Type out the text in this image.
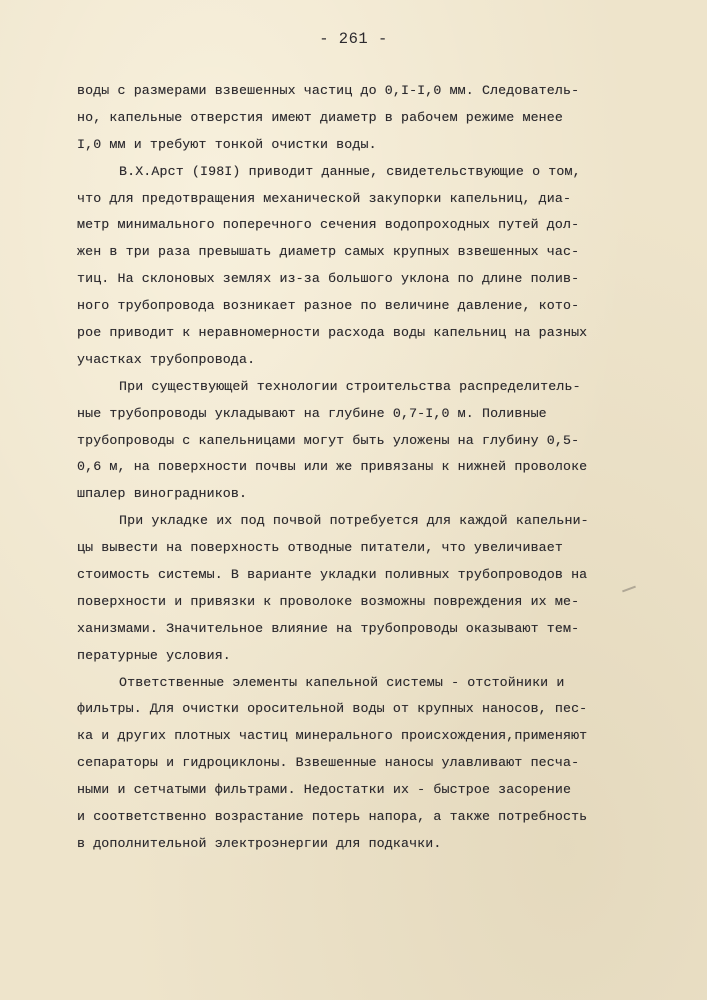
- 261 -
воды с размерами взвешенных частиц до 0,I-I,0 мм. Следователь-
но, капельные отверстия имеют диаметр в рабочем режиме менее
I,0 мм и требуют тонкой очистки воды.
В.Х.Арст (I98I) приводит данные, свидетельствующие о том,
что для предотвращения механической закупорки капельниц, диа-
метр минимального поперечного сечения водопроходных путей дол-
жен в три раза превышать диаметр самых крупных взвешенных час-
тиц. На склоновых землях из-за большого уклона по длине полив-
ного трубопровода возникает разное по величине давление, кото-
рое приводит к неравномерности расхода воды капельниц на разных
участках трубопровода.
При существующей технологии строительства распределитель-
ные трубопроводы укладывают на глубине 0,7-I,0 м. Поливные
трубопроводы с капельницами могут быть уложены на глубину 0,5-
0,6 м, на поверхности почвы или же привязаны к нижней проволоке
шпалер виноградников.
При укладке их под почвой потребуется для каждой капельни-
цы вывести на поверхность отводные питатели, что увеличивает
стоимость системы. В варианте укладки поливных трубопроводов на
поверхности и привязки к проволоке возможны повреждения их ме-
ханизмами. Значительное влияние на трубопроводы оказывают тем-
пературные условия.
Ответственные элементы капельной системы - отстойники и
фильтры. Для очистки оросительной воды от крупных наносов, пес-
ка и других плотных частиц минерального происхождения,применяют
сепараторы и гидроциклоны. Взвешенные наносы улавливают песча-
ными и сетчатыми фильтрами. Недостатки их - быстрое засорение
и соответственно возрастание потерь напора, а также потребность
в дополнительной электроэнергии для подкачки.
